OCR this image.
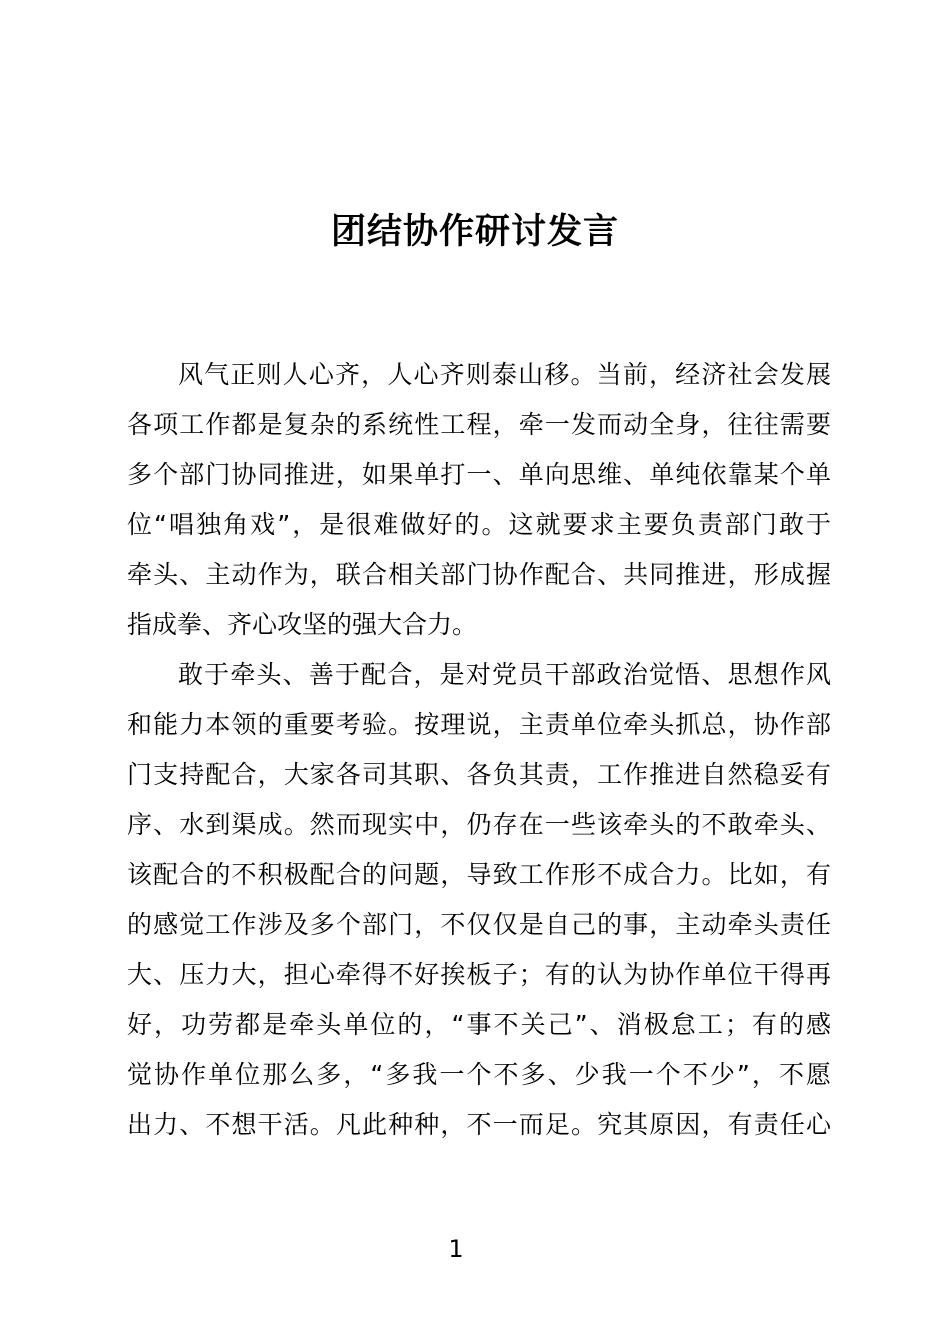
团结协作研讨发言
风气正则人心齐，人心齐则泰山移。当前，经济社会发展
各项工作都是复杂的系统性工程，牵一发而动全身，往往需要
多个部门协同推进，如果单打一、单向思维、单纯依靠某个单
位“唱独角戏”，是很难做好的。这就要求主要负责部门敢于
牵头、主动作为，联合相关部门协作配合、共同推进，形成握
指成拳、齐心攻坚的强大合力。
敢于牵头、善于配合，是对党员干部政治觉悟、思想作风
和能力本领的重要考验。按理说，主责单位牵头抓总，协作部
门支持配合，大家各司其职、各负其责，工作推进自然稳妥有
序、水到渠成。然而现实中，仍存在一些该牵头的不敢牵头、
该配合的不积极配合的问题，导致工作形不成合力。比如，有
的感觉工作涉及多个部门，不仅仅是自己的事，主动牵头责任
大、压力大，担心牵得不好挨板子；有的认为协作单位干得再
好，功劳都是牵头单位的，“事不关己”、消极怠工；有的感
觉协作单位那么多，“多我一个不多、少我一个不少”，不愿
出力、不想干活。凡此种种，不一而足。究其原因，有责任心
1
